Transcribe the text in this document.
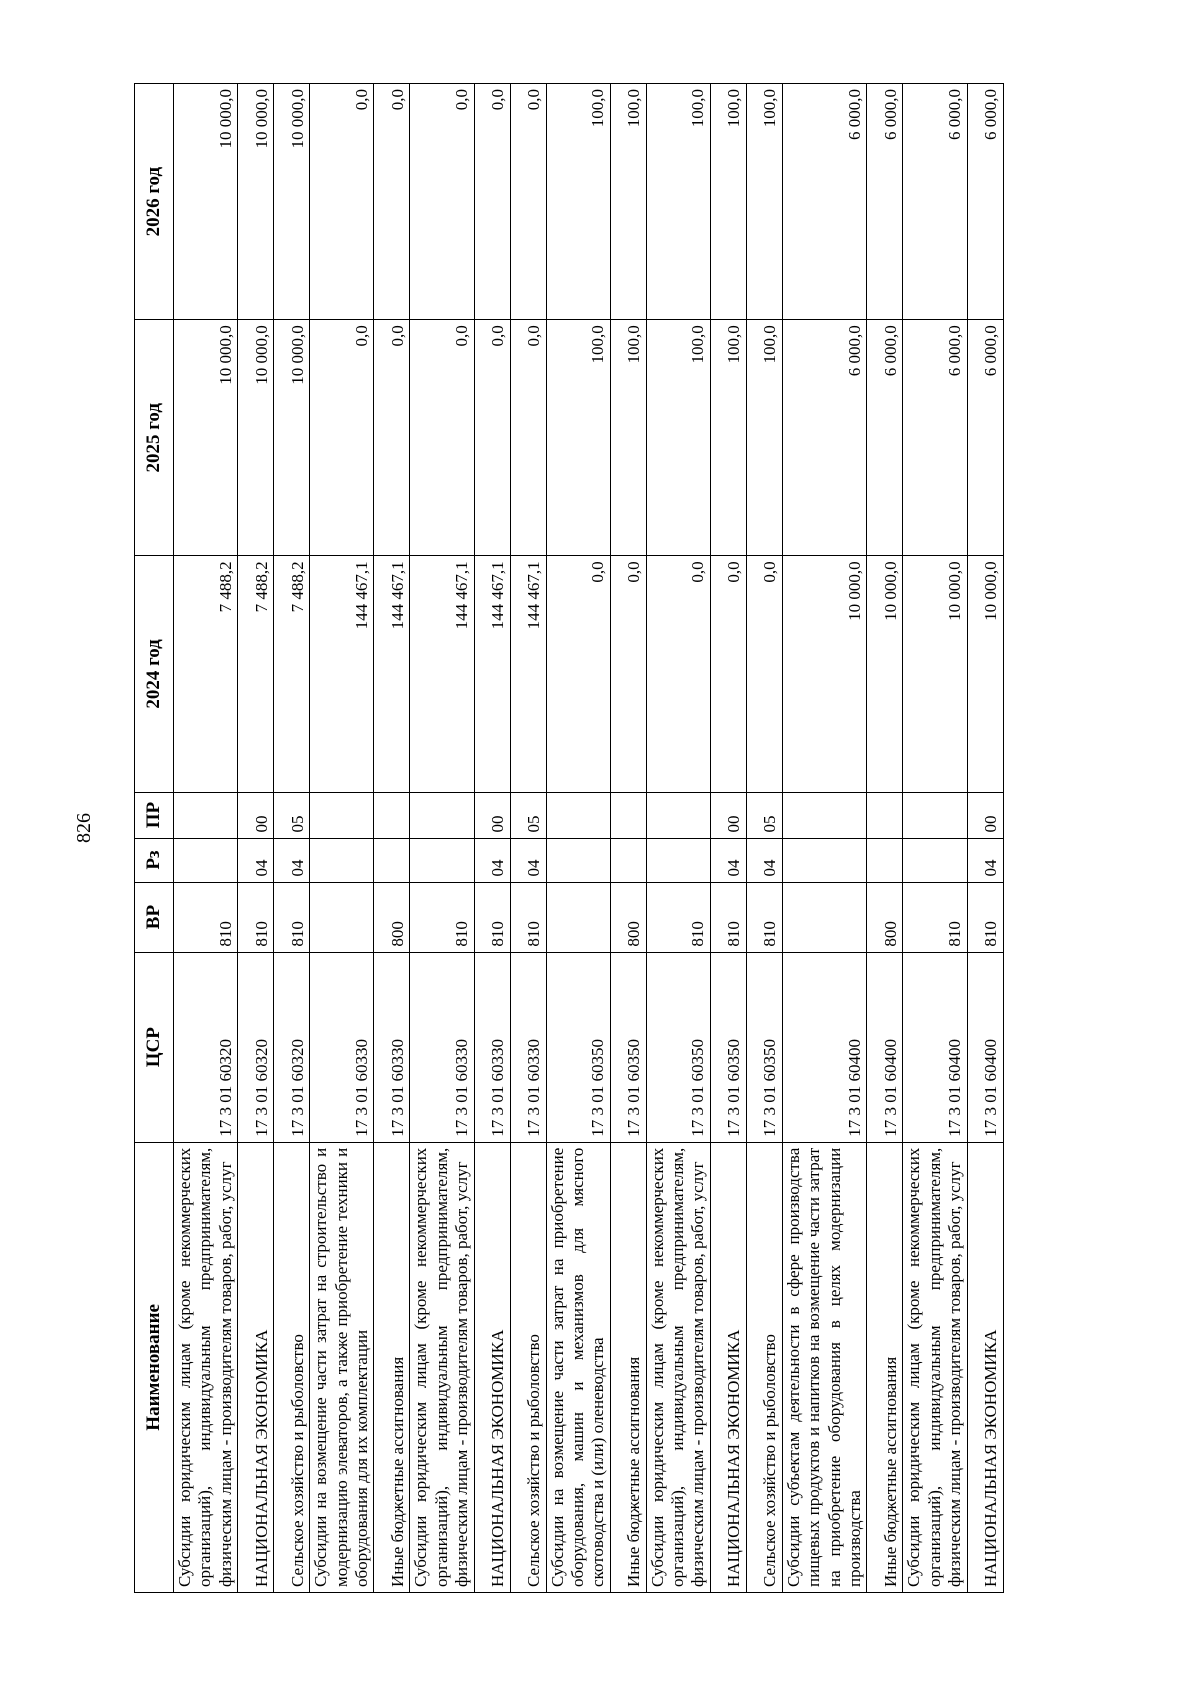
826
Наименование	ЦСР	ВР	Рз	ПР	2024 год	2025 год	2026 год
Субсидии юридическим лицам (кроме некоммерческих организаций), индивидуальным предпринимателям, физическим лицам - производителям товаров, работ, услуг	17 3 01 60320	810			7 488,2	10 000,0	10 000,0
НАЦИОНАЛЬНАЯ ЭКОНОМИКА	17 3 01 60320	810	04	00	7 488,2	10 000,0	10 000,0
Сельское хозяйство и рыболовство	17 3 01 60320	810	04	05	7 488,2	10 000,0	10 000,0
Субсидии на возмещение части затрат на строительство и модернизацию элеваторов, а также приобретение техники и оборудования для их комплектации	17 3 01 60330				144 467,1	0,0	0,0
Иные бюджетные ассигнования	17 3 01 60330	800			144 467,1	0,0	0,0
Субсидии юридическим лицам (кроме некоммерческих организаций), индивидуальным предпринимателям, физическим лицам - производителям товаров, работ, услуг	17 3 01 60330	810			144 467,1	0,0	0,0
НАЦИОНАЛЬНАЯ ЭКОНОМИКА	17 3 01 60330	810	04	00	144 467,1	0,0	0,0
Сельское хозяйство и рыболовство	17 3 01 60330	810	04	05	144 467,1	0,0	0,0
Субсидии на возмещение части затрат на приобретение оборудования, машин и механизмов для мясного скотоводства и (или) оленеводства	17 3 01 60350				0,0	100,0	100,0
Иные бюджетные ассигнования	17 3 01 60350	800			0,0	100,0	100,0
Субсидии юридическим лицам (кроме некоммерческих организаций), индивидуальным предпринимателям, физическим лицам - производителям товаров, работ, услуг	17 3 01 60350	810			0,0	100,0	100,0
НАЦИОНАЛЬНАЯ ЭКОНОМИКА	17 3 01 60350	810	04	00	0,0	100,0	100,0
Сельское хозяйство и рыболовство	17 3 01 60350	810	04	05	0,0	100,0	100,0
Субсидии субъектам деятельности в сфере производства пищевых продуктов и напитков на возмещение части затрат на приобретение оборудования в целях модернизации производства	17 3 01 60400				10 000,0	6 000,0	6 000,0
Иные бюджетные ассигнования	17 3 01 60400	800			10 000,0	6 000,0	6 000,0
Субсидии юридическим лицам (кроме некоммерческих организаций), индивидуальным предпринимателям, физическим лицам - производителям товаров, работ, услуг	17 3 01 60400	810			10 000,0	6 000,0	6 000,0
НАЦИОНАЛЬНАЯ ЭКОНОМИКА	17 3 01 60400	810	04	00	10 000,0	6 000,0	6 000,0
